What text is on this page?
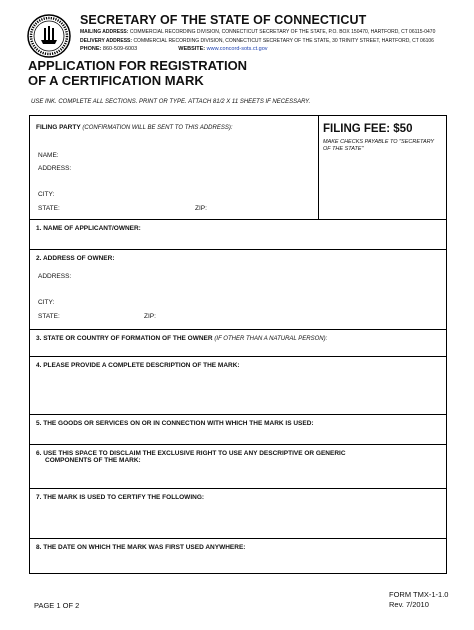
SECRETARY OF THE STATE OF CONNECTICUT
MAILING ADDRESS: COMMERCIAL RECORDING DIVISION, CONNECTICUT SECRETARY OF THE STATE, P.O. BOX 150470, HARTFORD, CT 06115-0470
DELIVERY ADDRESS: COMMERCIAL RECORDING DIVISION, CONNECTICUT SECRETARY OF THE STATE, 30 TRINITY STREET, HARTFORD, CT 06106
PHONE: 860-509-6003	WEBSITE: www.concord-sots.ct.gov
APPLICATION FOR REGISTRATION
OF A CERTIFICATION MARK
USE INK. COMPLETE ALL SECTIONS. PRINT OR TYPE. ATTACH 81/2 X 11 SHEETS IF NECESSARY.
FILING PARTY (CONFIRMATION WILL BE SENT TO THIS ADDRESS):
NAME:
ADDRESS:
CITY:
STATE:	ZIP:
FILING FEE: $50
MAKE CHECKS PAYABLE TO "SECRETARY OF THE STATE"
1. NAME OF APPLICANT/OWNER:
2. ADDRESS OF OWNER:
ADDRESS:
CITY:
STATE:	ZIP:
3. STATE OR COUNTRY OF FORMATION OF THE OWNER (IF OTHER THAN A NATURAL PERSON):
4. PLEASE PROVIDE A COMPLETE DESCRIPTION OF THE MARK:
5. THE GOODS OR SERVICES ON OR IN CONNECTION WITH WHICH THE MARK IS USED:
6. USE THIS SPACE TO DISCLAIM THE EXCLUSIVE RIGHT TO USE ANY DESCRIPTIVE OR GENERIC
COMPONENTS OF THE MARK:
7. THE MARK IS USED TO CERTIFY THE FOLLOWING:
8. THE DATE ON WHICH THE MARK WAS FIRST USED ANYWHERE:
PAGE 1 OF 2
FORM TMX-1-1.0
Rev. 7/2010
